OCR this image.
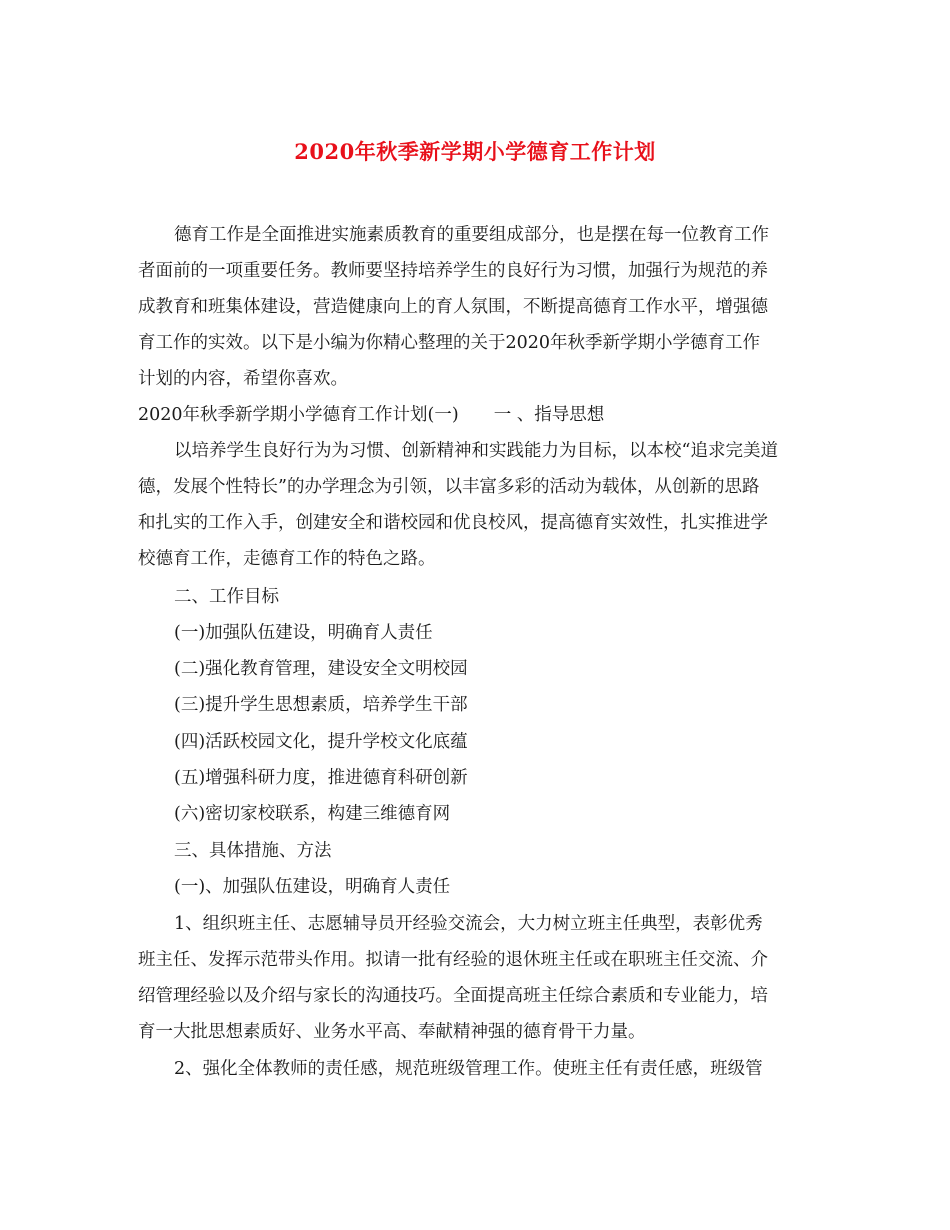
2020年秋季新学期小学德育工作计划
德育工作是全面推进实施素质教育的重要组成部分，也是摆在每一位教育工作
者面前的一项重要任务。教师要坚持培养学生的良好行为习惯，加强行为规范的养
成教育和班集体建设，营造健康向上的育人氛围，不断提高德育工作水平，增强德
育工作的实效。以下是小编为你精心整理的关于2020年秋季新学期小学德育工作
计划的内容，希望你喜欢。
2020年秋季新学期小学德育工作计划(一)　　一 、指导思想
以培养学生良好行为为习惯、创新精神和实践能力为目标，以本校“追求完美道
德，发展个性特长”的办学理念为引领，以丰富多彩的活动为载体，从创新的思路
和扎实的工作入手，创建安全和谐校园和优良校风，提高德育实效性，扎实推进学
校德育工作，走德育工作的特色之路。
二、工作目标
(一)加强队伍建设，明确育人责任
(二)强化教育管理，建设安全文明校园
(三)提升学生思想素质，培养学生干部
(四)活跃校园文化，提升学校文化底蕴
(五)增强科研力度，推进德育科研创新
(六)密切家校联系，构建三维德育网
三、具体措施、方法
(一)、加强队伍建设，明确育人责任
1、组织班主任、志愿辅导员开经验交流会，大力树立班主任典型，表彰优秀
班主任、发挥示范带头作用。拟请一批有经验的退休班主任或在职班主任交流、介
绍管理经验以及介绍与家长的沟通技巧。全面提高班主任综合素质和专业能力，培
育一大批思想素质好、业务水平高、奉献精神强的德育骨干力量。
2、强化全体教师的责任感，规范班级管理工作。使班主任有责任感，班级管
